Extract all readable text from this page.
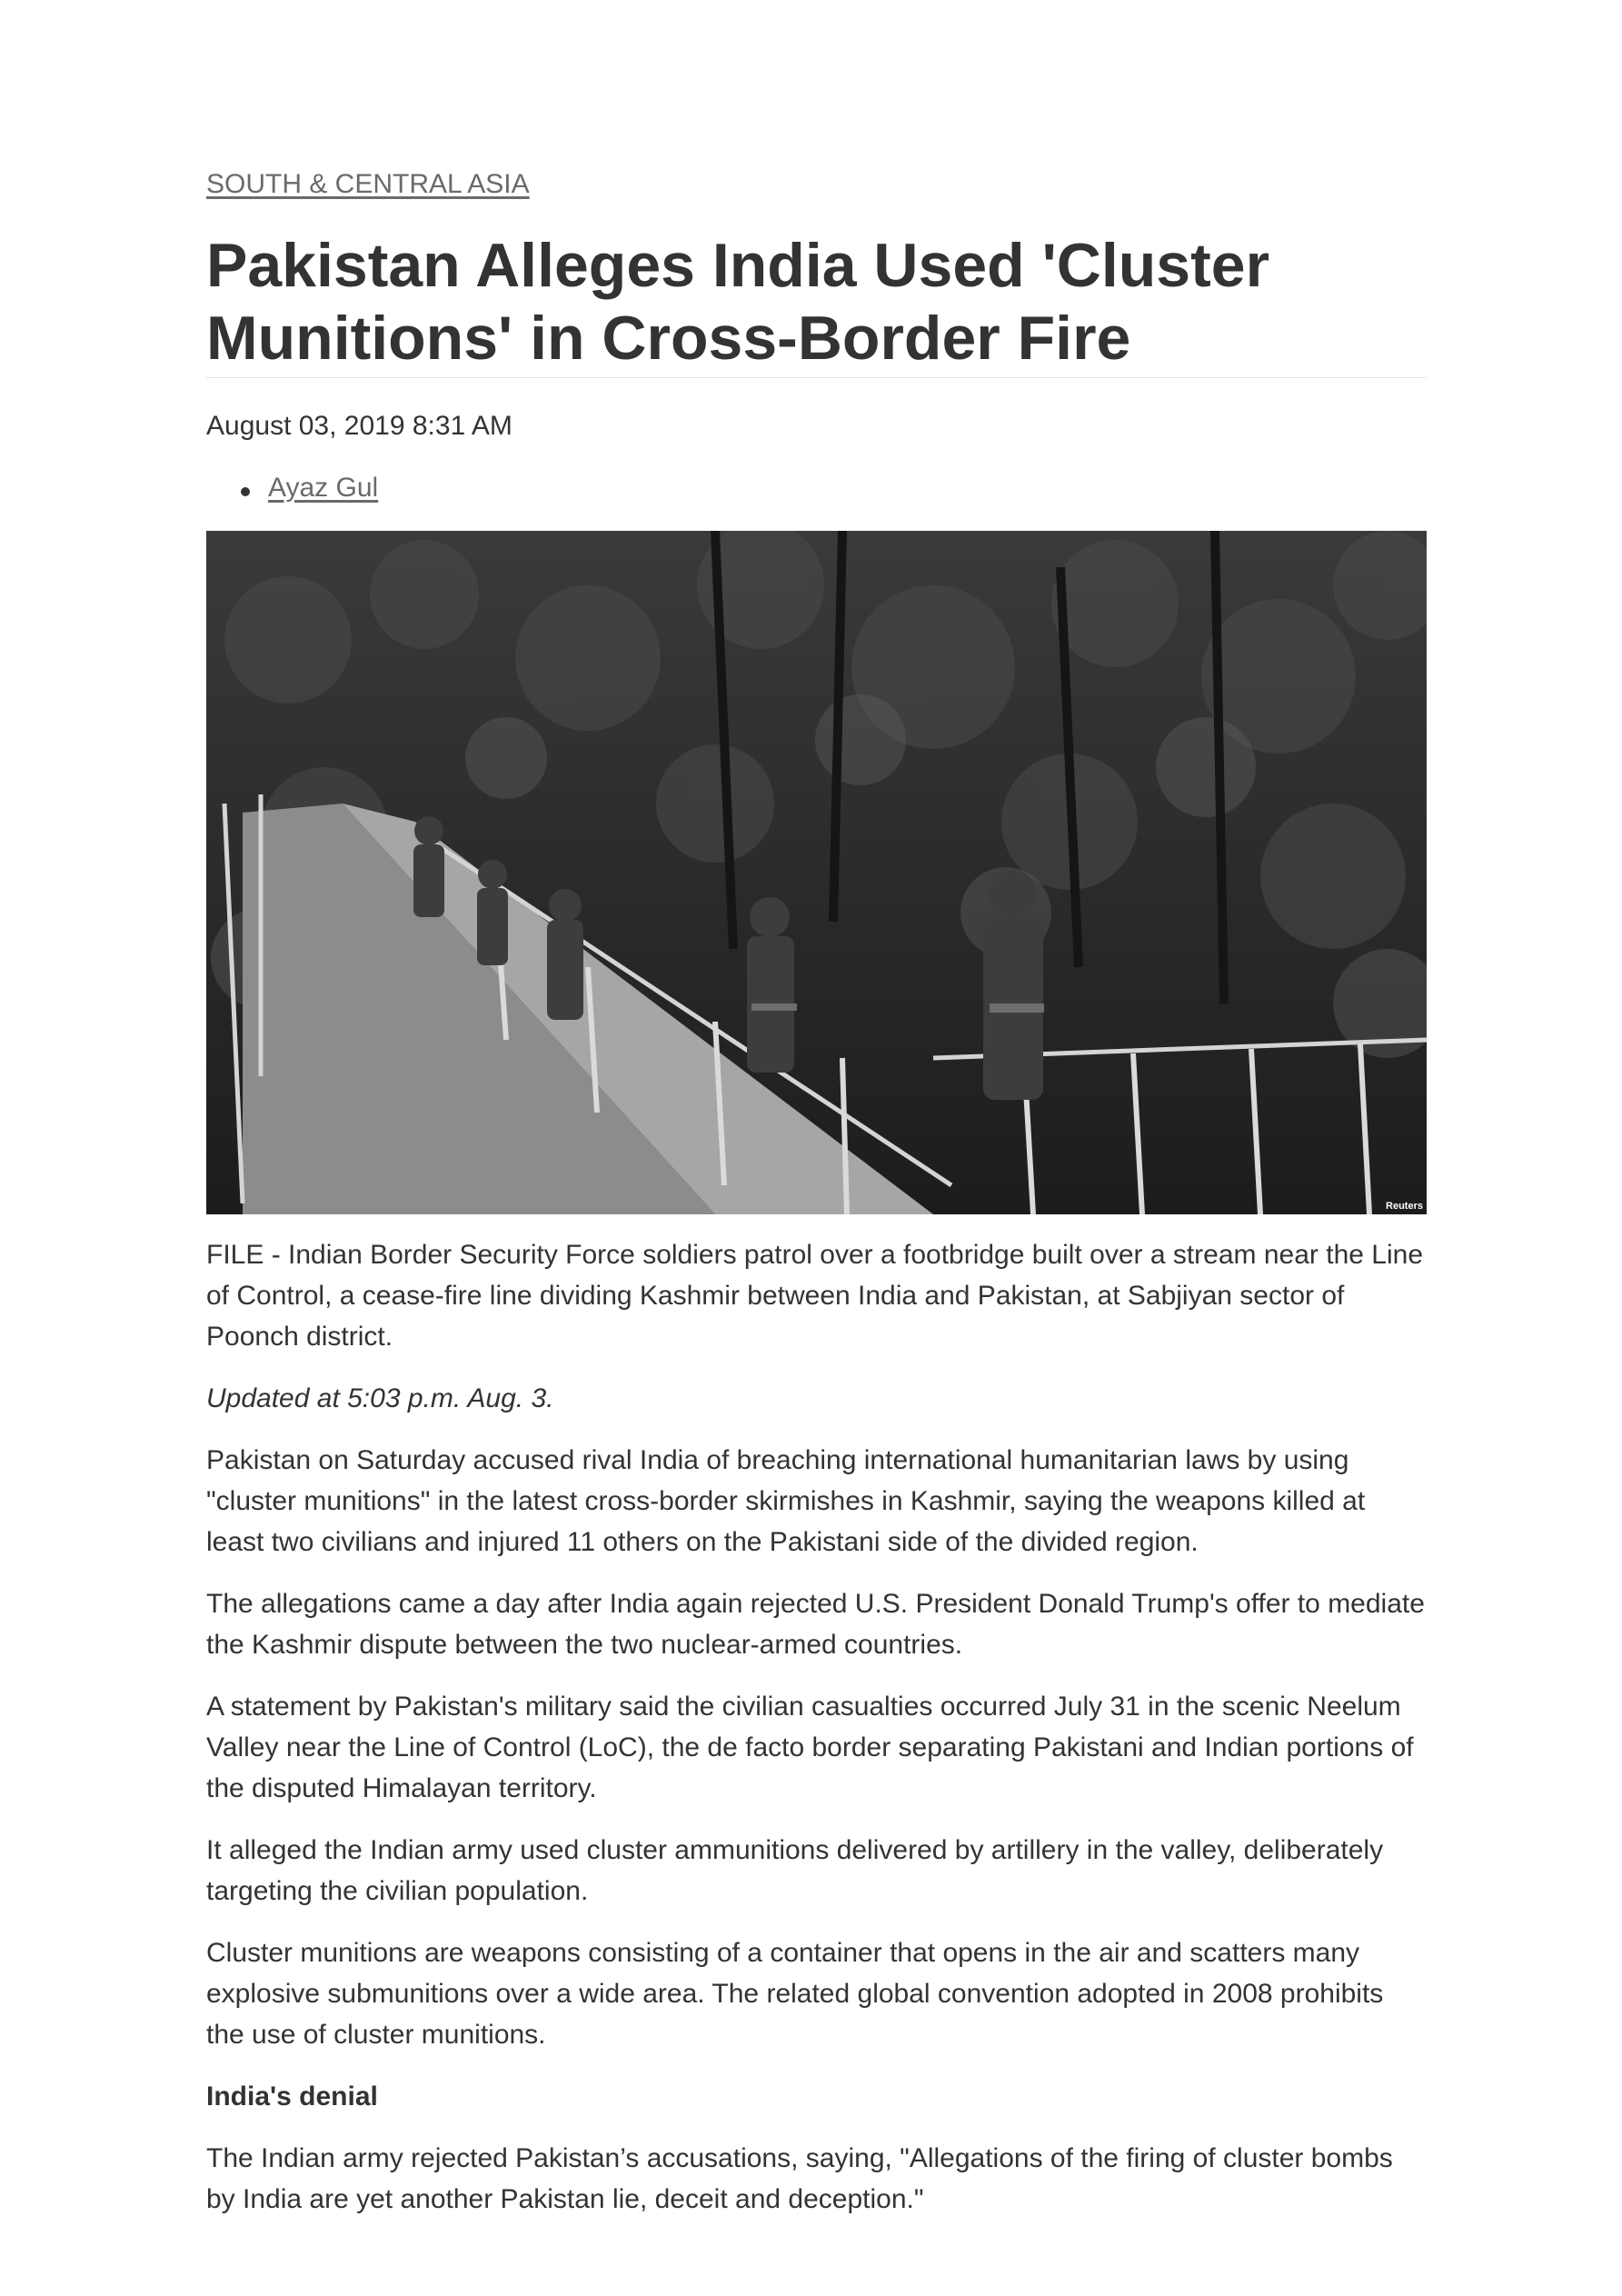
SOUTH & CENTRAL ASIA
Pakistan Alleges India Used 'Cluster Munitions' in Cross-Border Fire
August 03, 2019 8:31 AM
Ayaz Gul
Reuters

FILE - Indian Border Security Force soldiers patrol over a footbridge built over a stream near the Line of Control, a cease-fire line dividing Kashmir between India and Pakistan, at Sabjiyan sector of Poonch district.

Updated at 5:03 p.m. Aug. 3.

Pakistan on Saturday accused rival India of breaching international humanitarian laws by using "cluster munitions" in the latest cross-border skirmishes in Kashmir, saying the weapons killed at least two civilians and injured 11 others on the Pakistani side of the divided region.

The allegations came a day after India again rejected U.S. President Donald Trump's offer to mediate the Kashmir dispute between the two nuclear-armed countries.

A statement by Pakistan's military said the civilian casualties occurred July 31 in the scenic Neelum Valley near the Line of Control (LoC), the de facto border separating Pakistani and Indian portions of the disputed Himalayan territory.

It alleged the Indian army used cluster ammunitions delivered by artillery in the valley, deliberately targeting the civilian population.

Cluster munitions are weapons consisting of a container that opens in the air and scatters many explosive submunitions over a wide area. The related global convention adopted in 2008 prohibits the use of cluster munitions.

India's denial

The Indian army rejected Pakistan’s accusations, saying, "Allegations of the firing of cluster bombs by India are yet another Pakistan lie, deceit and deception."
